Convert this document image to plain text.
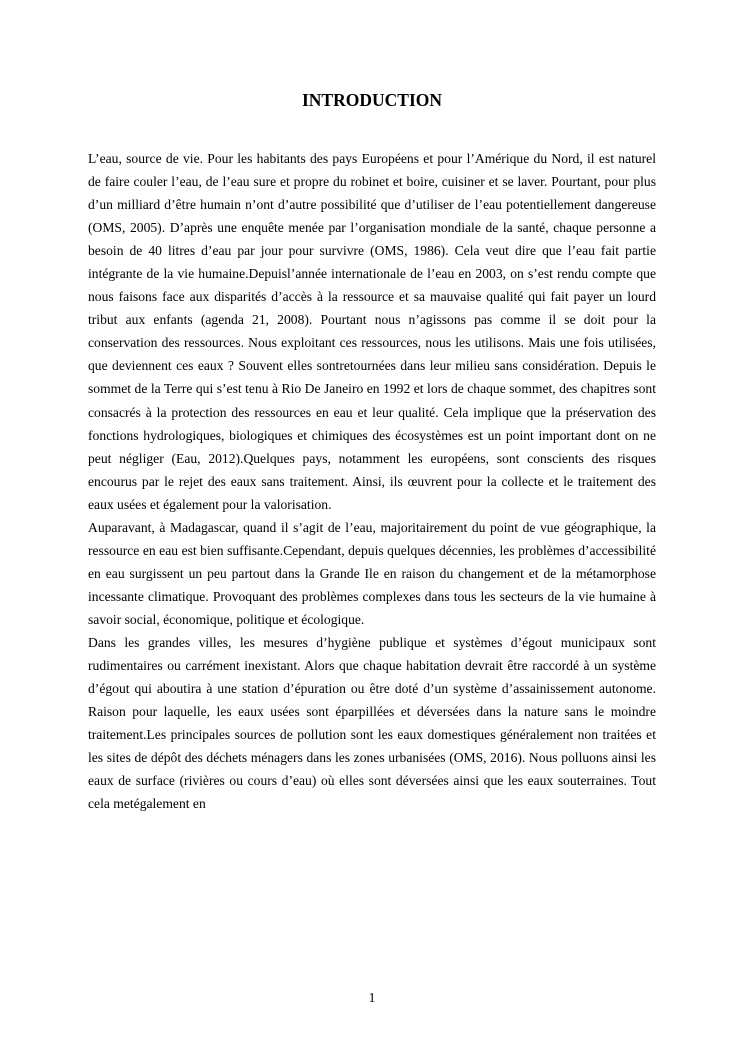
INTRODUCTION

L’eau, source de vie. Pour les habitants des pays Européens et pour l’Amérique du Nord, il est naturel de faire couler l’eau, de l’eau sure et propre du robinet et boire, cuisiner et se laver. Pourtant, pour plus d’un milliard d’être humain n’ont d’autre possibilité que d’utiliser de l’eau potentiellement dangereuse (OMS, 2005). D’après une enquête menée par l’organisation mondiale de la santé, chaque personne a besoin de 40 litres d’eau par jour pour survivre (OMS, 1986). Cela veut dire que l’eau fait partie intégrante de la vie humaine.Depuisl’année internationale de l’eau en 2003, on s’est rendu compte que nous faisons face aux disparités d’accès à la ressource et sa mauvaise qualité qui fait payer un lourd tribut aux enfants (agenda 21, 2008). Pourtant nous n’agissons pas comme il se doit pour la conservation des ressources. Nous exploitant ces ressources, nous les utilisons. Mais une fois utilisées, que deviennent ces eaux ? Souvent elles sontretournées dans leur milieu sans considération. Depuis le sommet de la Terre qui s’est tenu à Rio De Janeiro en 1992 et lors de chaque sommet, des chapitres sont consacrés à la protection des ressources en eau et leur qualité. Cela implique que la préservation des fonctions hydrologiques, biologiques et chimiques des écosystèmes est un point important dont on ne peut négliger (Eau, 2012).Quelques pays, notamment les européens, sont conscients des risques encourus par le rejet des eaux sans traitement. Ainsi, ils œuvrent pour la collecte et le traitement des eaux usées et également pour la valorisation.

Auparavant, à Madagascar, quand il s’agit de l’eau, majoritairement du point de vue géographique, la ressource en eau est bien suffisante.Cependant, depuis quelques décennies, les problèmes d’accessibilité en eau surgissent un peu partout dans la Grande Ile en raison du changement et de la métamorphose incessante climatique. Provoquant des problèmes complexes dans tous les secteurs de la vie humaine à savoir social, économique, politique et écologique.

Dans les grandes villes, les mesures d’hygiène publique et systèmes d’égout municipaux sont rudimentaires ou carrément inexistant. Alors que chaque habitation devrait être raccordé à un système d’égout qui aboutira à une station d’épuration ou être doté d’un système d’assainissement autonome. Raison pour laquelle, les eaux usées sont éparpillées et déversées dans la nature sans le moindre traitement.Les principales sources de pollution sont les eaux domestiques généralement non traitées et les sites de dépôt des déchets ménagers dans les zones urbanisées (OMS, 2016). Nous polluons ainsi les eaux de surface (rivières ou cours d’eau) où elles sont déversées ainsi que les eaux souterraines. Tout cela metégalement en

1
